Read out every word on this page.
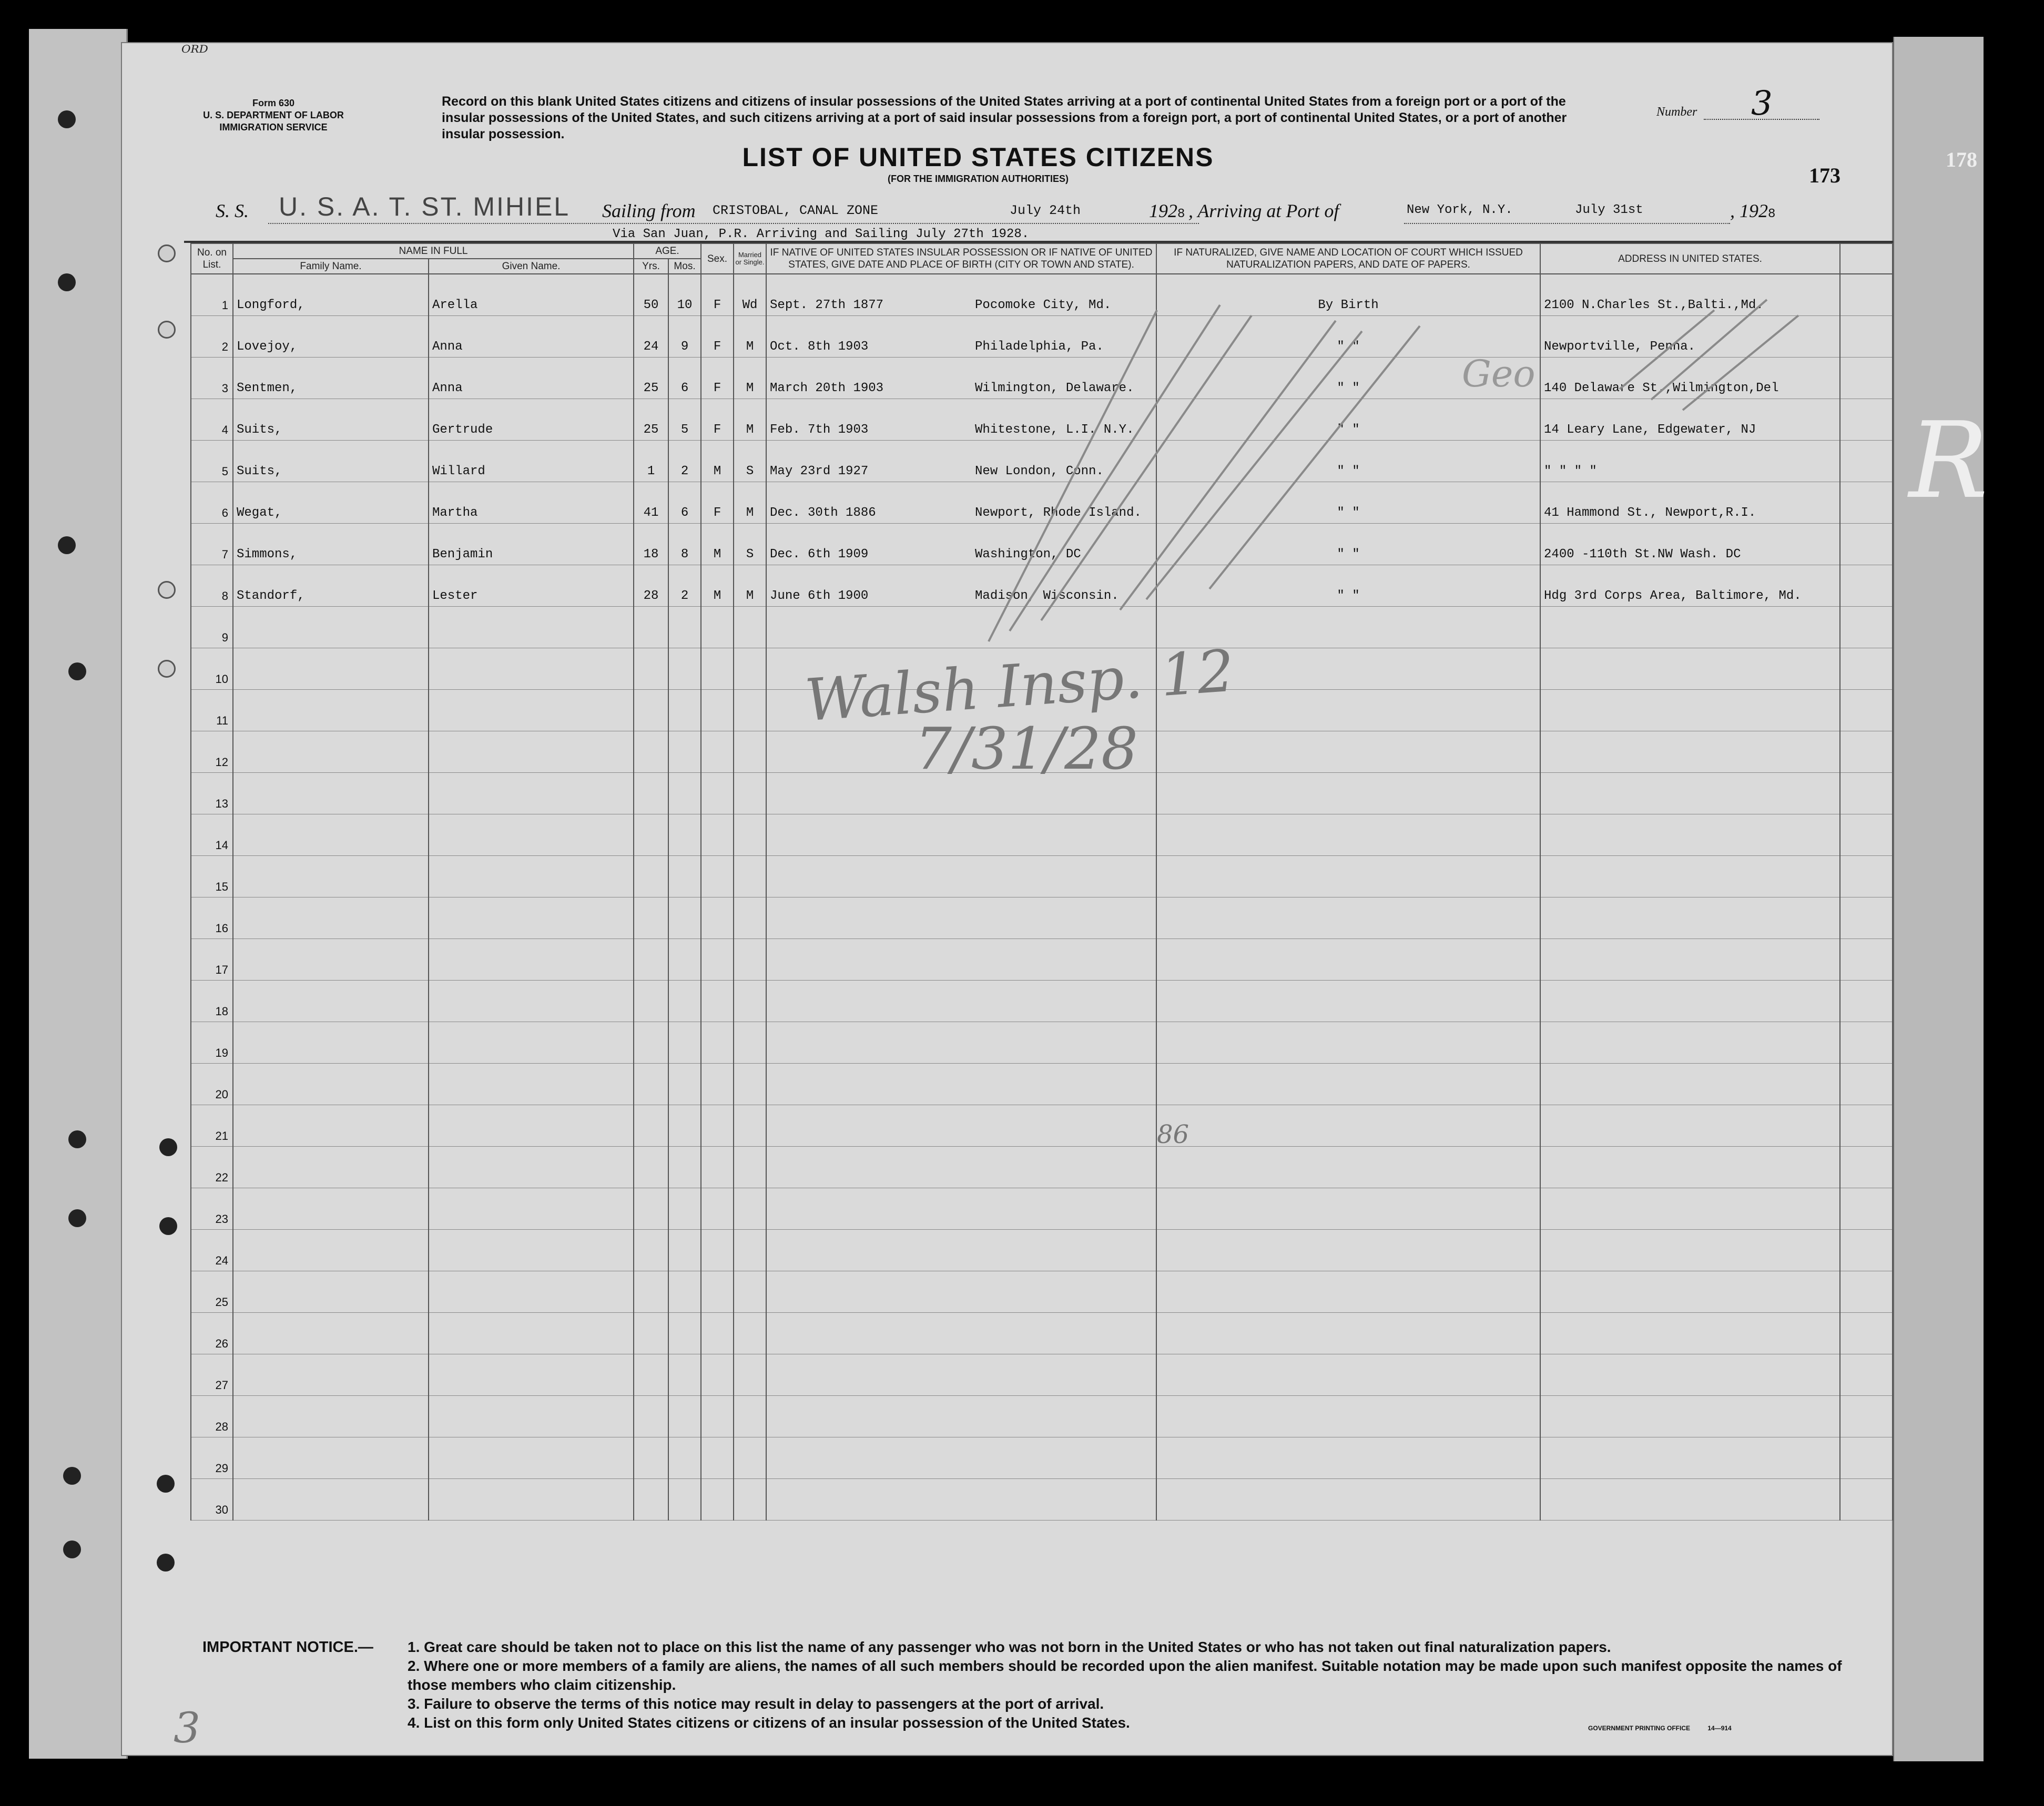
ᴼᴿᴰ
Form 630
U. S. DEPARTMENT OF LABOR
IMMIGRATION SERVICE
Record on this blank United States citizens and citizens of insular possessions of the United States arriving at a port of continental United States from a foreign port or a port of the insular possessions of the United States, and such citizens arriving at a port of said insular possessions from a foreign port, a port of continental United States, or a port of another insular possession.
Number 3
LIST OF UNITED STATES CITIZENS
(FOR THE IMMIGRATION AUTHORITIES)	173
178
S. S. U. S. A. T. ST. MIHIEL Sailing from CRISTOBAL, CANAL ZONE	July 24th	1928 , Arriving at Port of	New York, N.Y.	July 31st	, 1928
Via San Juan, P.R. Arriving and Sailing July 27th 1928.
No. on List.	NAME IN FULL		AGE.		Sex.	Married or Single.	IF NATIVE OF UNITED STATES INSULAR POSSESSION OR IF NATIVE OF UNITED STATES, GIVE DATE AND PLACE OF BIRTH (CITY OR TOWN AND STATE).	IF NATURALIZED, GIVE NAME AND LOCATION OF COURT WHICH ISSUED NATURALIZATION PAPERS, AND DATE OF PAPERS.	ADDRESS IN UNITED STATES.	
	Family Name.	Given Name.	Yrs.	Mos.						
1	Longford,	Arella	50	10	F	Wd	Sept. 27th 1877 Pocomoke City, Md.	By Birth	2100 N.Charles St.,Balti.,Md.	
2	Lovejoy,	Anna	24	9	F	M	Oct. 8th 1903 Philadelphia, Pa.	" "	Newportville, Penna.	
3	Sentmen,	Anna	25	6	F	M	March 20th 1903 Wilmington, Delaware.	" "	140 Delaware St.,Wilmington,Del	
4	Suits,	Gertrude	25	5	F	M	Feb. 7th 1903 Whitestone, L.I. N.Y.	" "	14 Leary Lane, Edgewater, NJ	
5	Suits,	Willard	1	2	M	S	May 23rd 1927 New London, Conn.	" "	" " " "	
6	Wegat,	Martha	41	6	F	M	Dec. 30th 1886 Newport, Rhode Island.	" "	41 Hammond St., Newport,R.I.	
7	Simmons,	Benjamin	18	8	M	S	Dec. 6th 1909 Washington, DC	" "	2400 -110th St.NW Wash. DC	
8	Standorf,	Lester	28	2	M	M	June 6th 1900 Madison, Wisconsin.	" "	Hdg 3rd Corps Area, Baltimore, Md.	
9										
10										
11										
12										
13										
14										
15										
16										
17										
18										
19										
20										
21										
22										
23										
24										
25										
26										
27										
28										
29										
30										
Walsh Insp. 12
7/31/28
86
3
R
Geo
IMPORTANT NOTICE.— 1. Great care should be taken not to place on this list the name of any passenger who was not born in the United States or who has not taken out final naturalization papers.
2. Where one or more members of a family are aliens, the names of all such members should be recorded upon the alien manifest. Suitable notation may be made upon such manifest opposite the names of those members who claim citizenship.
3. Failure to observe the terms of this notice may result in delay to passengers at the port of arrival.
4. List on this form only United States citizens or citizens of an insular possession of the United States.	GOVERNMENT PRINTING OFFICE	14—914
